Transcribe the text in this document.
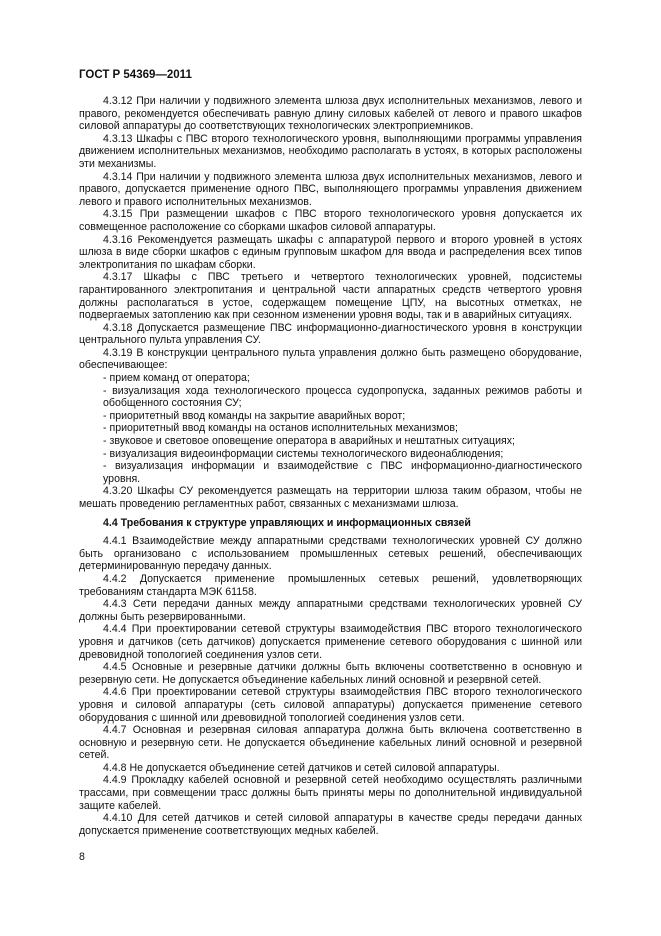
ГОСТ Р 54369—2011

4.3.12 При наличии у подвижного элемента шлюза двух исполнительных механизмов, левого и правого, рекомендуется обеспечивать равную длину силовых кабелей от левого и правого шкафов силовой аппаратуры до соответствующих технологических электроприемников.

4.3.13 Шкафы с ПВС второго технологического уровня, выполняющими программы управления движением исполнительных механизмов, необходимо располагать в устоях, в которых расположены эти механизмы.

4.3.14 При наличии у подвижного элемента шлюза двух исполнительных механизмов, левого и правого, допускается применение одного ПВС, выполняющего программы управления движением левого и правого исполнительных механизмов.

4.3.15 При размещении шкафов с ПВС второго технологического уровня допускается их совмещенное расположение со сборками шкафов силовой аппаратуры.

4.3.16 Рекомендуется размещать шкафы с аппаратурой первого и второго уровней в устоях шлюза в виде сборки шкафов с единым групповым шкафом для ввода и распределения всех типов электропитания по шкафам сборки.

4.3.17 Шкафы с ПВС третьего и четвертого технологических уровней, подсистемы гарантированного электропитания и центральной части аппаратных средств четвертого уровня должны располагаться в устое, содержащем помещение ЦПУ, на высотных отметках, не подвергаемых затоплению как при сезонном изменении уровня воды, так и в аварийных ситуациях.

4.3.18 Допускается размещение ПВС информационно-диагностического уровня в конструкции центрального пульта управления СУ.

4.3.19 В конструкции центрального пульта управления должно быть размещено оборудование, обеспечивающее:

- прием команд от оператора;

- визуализация хода технологического процесса судопропуска, заданных режимов работы и обобщенного состояния СУ;

- приоритетный ввод команды на закрытие аварийных ворот;

- приоритетный ввод команды на останов исполнительных механизмов;

- звуковое и световое оповещение оператора в аварийных и нештатных ситуациях;

- визуализация видеоинформации системы технологического видеонаблюдения;

- визуализация информации и взаимодействие с ПВС информационно-диагностического уровня.

4.3.20 Шкафы СУ рекомендуется размещать на территории шлюза таким образом, чтобы не мешать проведению регламентных работ, связанных с механизмами шлюза.

4.4 Требования к структуре управляющих и информационных связей

4.4.1 Взаимодействие между аппаратными средствами технологических уровней СУ должно быть организовано с использованием промышленных сетевых решений, обеспечивающих детерминированную передачу данных.

4.4.2 Допускается применение промышленных сетевых решений, удовлетворяющих требованиям стандарта МЭК 61158.

4.4.3 Сети передачи данных между аппаратными средствами технологических уровней СУ должны быть резервированными.

4.4.4 При проектировании сетевой структуры взаимодействия ПВС второго технологического уровня и датчиков (сеть датчиков) допускается применение сетевого оборудования с шинной или древовидной топологией соединения узлов сети.

4.4.5 Основные и резервные датчики должны быть включены соответственно в основную и резервную сети. Не допускается объединение кабельных линий основной и резервной сетей.

4.4.6 При проектировании сетевой структуры взаимодействия ПВС второго технологического уровня и силовой аппаратуры (сеть силовой аппаратуры) допускается применение сетевого оборудования с шинной или древовидной топологией соединения узлов сети.

4.4.7 Основная и резервная силовая аппаратура должна быть включена соответственно в основную и резервную сети. Не допускается объединение кабельных линий основной и резервной сетей.

4.4.8 Не допускается объединение сетей датчиков и сетей силовой аппаратуры.

4.4.9 Прокладку кабелей основной и резервной сетей необходимо осуществлять различными трассами, при совмещении трасс должны быть приняты меры по дополнительной индивидуальной защите кабелей.

4.4.10 Для сетей датчиков и сетей силовой аппаратуры в качестве среды передачи данных допускается применение соответствующих медных кабелей.

8
